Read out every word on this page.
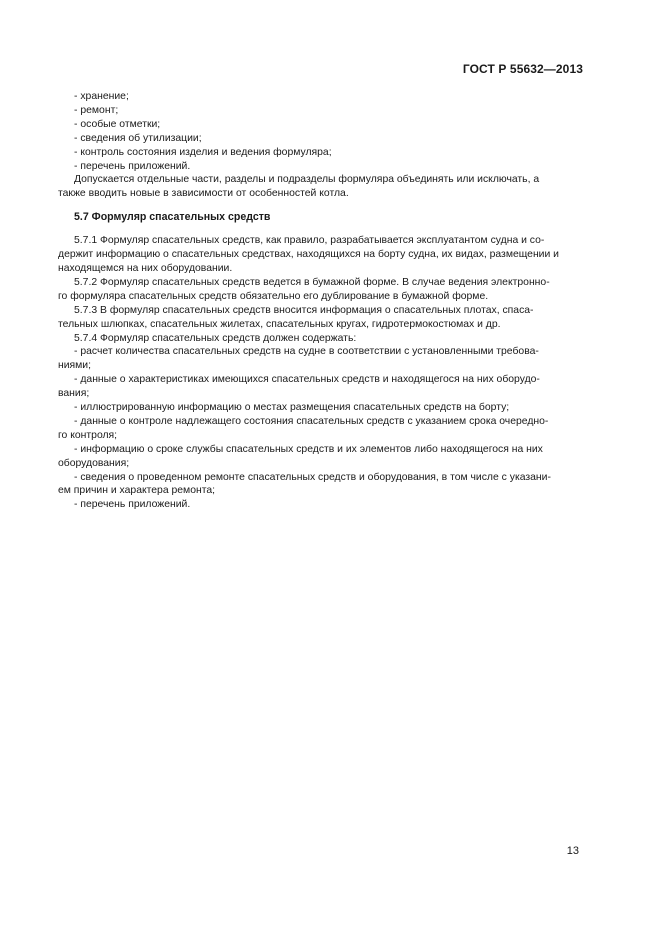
ГОСТ Р 55632—2013
- хранение;
- ремонт;
- особые отметки;
- сведения об утилизации;
- контроль состояния изделия и ведения формуляра;
- перечень приложений.
Допускается отдельные части, разделы и подразделы формуляра объединять или исключать, а
также вводить новые в зависимости от особенностей котла.
5.7 Формуляр спасательных средств
5.7.1 Формуляр спасательных средств, как правило, разрабатывается эксплуатантом судна и со-
держит информацию о спасательных средствах, находящихся на борту судна, их видах, размещении и
находящемся на них оборудовании.
5.7.2 Формуляр спасательных средств ведется в бумажной форме. В случае ведения электронно-
го формуляра спасательных средств обязательно его дублирование в бумажной форме.
5.7.3 В формуляр спасательных средств вносится информация о спасательных плотах, спаса-
тельных шлюпках, спасательных жилетах, спасательных кругах, гидротермокостюмах и др.
5.7.4 Формуляр спасательных средств должен содержать:
- расчет количества спасательных средств на судне в соответствии с установленными требова-
ниями;
- данные о характеристиках имеющихся спасательных средств и находящегося на них оборудо-
вания;
- иллюстрированную информацию о местах размещения спасательных средств на борту;
- данные о контроле надлежащего состояния спасательных средств с указанием срока очередно-
го контроля;
- информацию о сроке службы спасательных средств и их элементов либо находящегося на них
оборудования;
- сведения о проведенном ремонте спасательных средств и оборудования, в том числе с указани-
ем причин и характера ремонта;
- перечень приложений.
13
